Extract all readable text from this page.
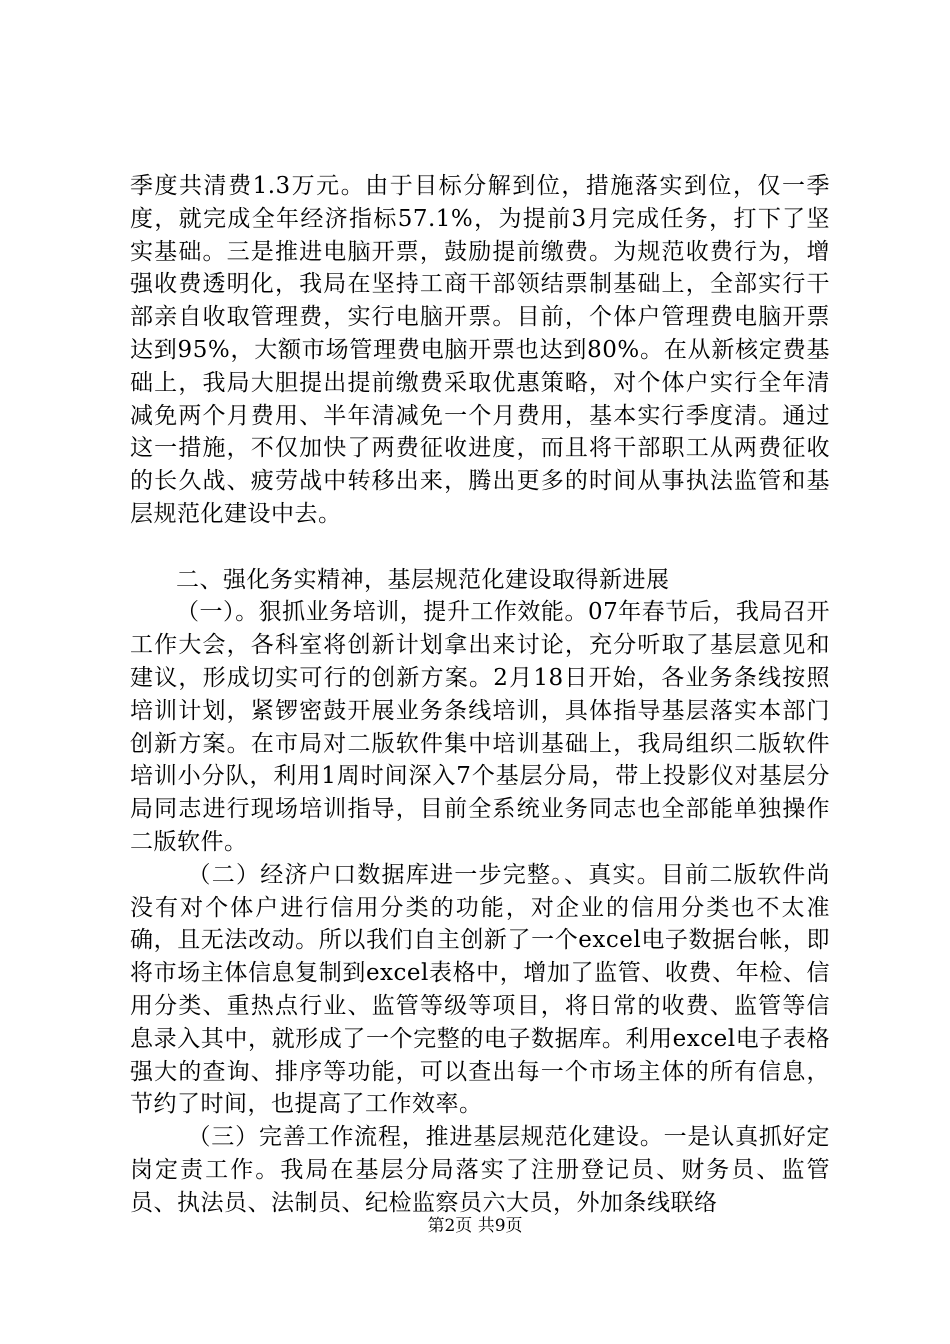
季度共清费1.3万元。由于目标分解到位，措施落实到位，仅一季度，就完成全年经济指标57.1%，为提前3月完成任务，打下了坚实基础。三是推进电脑开票，鼓励提前缴费。为规范收费行为，增强收费透明化，我局在坚持工商干部领结票制基础上，全部实行干部亲自收取管理费，实行电脑开票。目前，个体户管理费电脑开票达到95%，大额市场管理费电脑开票也达到80%。在从新核定费基础上，我局大胆提出提前缴费采取优惠策略，对个体户实行全年清减免两个月费用、半年清减免一个月费用，基本实行季度清。通过这一措施，不仅加快了两费征收进度，而且将干部职工从两费征收的长久战、疲劳战中转移出来，腾出更多的时间从事执法监管和基层规范化建设中去。

二、强化务实精神，基层规范化建设取得新进展

（一）。狠抓业务培训，提升工作效能。07年春节后，我局召开工作大会，各科室将创新计划拿出来讨论，充分听取了基层意见和建议，形成切实可行的创新方案。2月18日开始，各业务条线按照培训计划，紧锣密鼓开展业务条线培训，具体指导基层落实本部门创新方案。在市局对二版软件集中培训基础上，我局组织二版软件培训小分队，利用1周时间深入7个基层分局，带上投影仪对基层分局同志进行现场培训指导，目前全系统业务同志也全部能单独操作二版软件。

（二）经济户口数据库进一步完整。、真实。目前二版软件尚没有对个体户进行信用分类的功能，对企业的信用分类也不太准确，且无法改动。所以我们自主创新了一个excel电子数据台帐，即将市场主体信息复制到excel表格中，增加了监管、收费、年检、信用分类、重热点行业、监管等级等项目，将日常的收费、监管等信息录入其中，就形成了一个完整的电子数据库。利用excel电子表格强大的查询、排序等功能，可以查出每一个市场主体的所有信息，节约了时间，也提高了工作效率。

（三）完善工作流程，推进基层规范化建设。一是认真抓好定岗定责工作。我局在基层分局落实了注册登记员、财务员、监管员、执法员、法制员、纪检监察员六大员，外加条线联络

第2页 共9页
